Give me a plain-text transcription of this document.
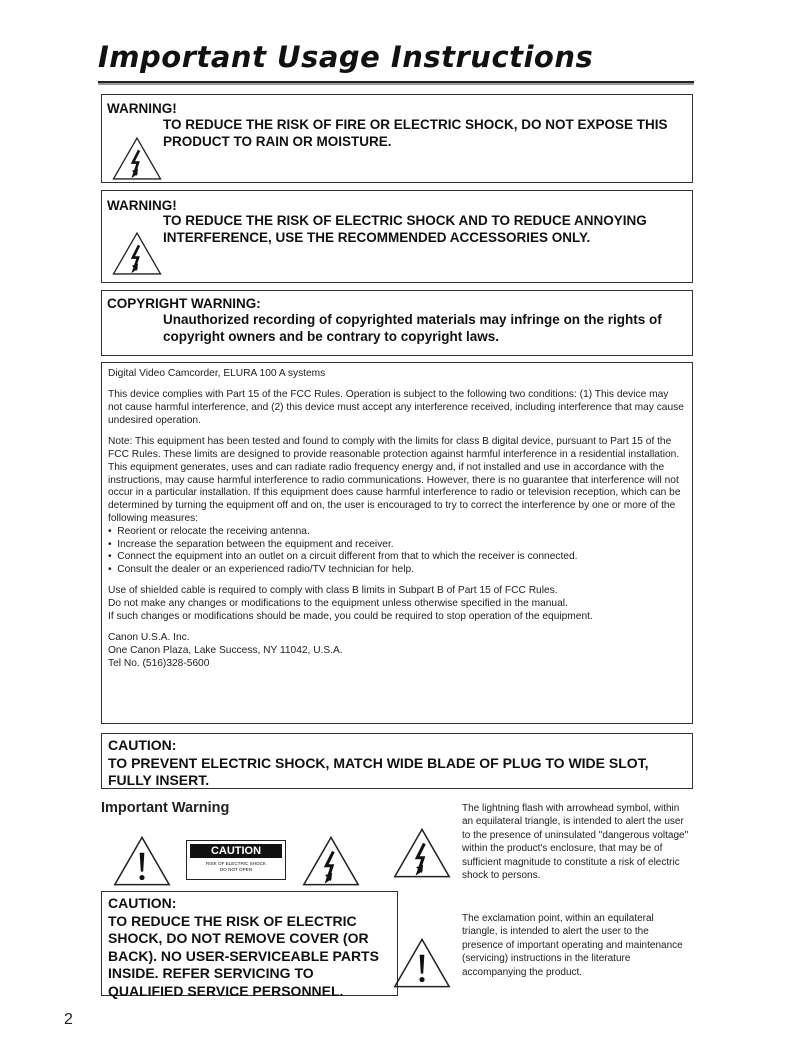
Important Usage Instructions
WARNING!
TO REDUCE THE RISK OF FIRE OR ELECTRIC SHOCK, DO NOT EXPOSE THIS PRODUCT TO RAIN OR MOISTURE.
WARNING!
TO REDUCE THE RISK OF ELECTRIC SHOCK AND TO REDUCE ANNOYING INTERFERENCE, USE THE RECOMMENDED ACCESSORIES ONLY.
COPYRIGHT WARNING:
Unauthorized recording of copyrighted materials may infringe on the rights of copyright owners and be contrary to copyright laws.

Digital Video Camcorder, ELURA 100 A systems

This device complies with Part 15 of the FCC Rules. Operation is subject to the following two conditions: (1) This device may not cause harmful interference, and (2) this device must accept any interference received, including interference that may cause undesired operation.

Note: This equipment has been tested and found to comply with the limits for class B digital device, pursuant to Part 15 of the FCC Rules. These limits are designed to provide reasonable protection against harmful interference in a residential installation. This equipment generates, uses and can radiate radio frequency energy and, if not installed and use in accordance with the instructions, may cause harmful interference to radio communications. However, there is no guarantee that interference will not occur in a particular installation. If this equipment does cause harmful interference to radio or television reception, which can be determined by turning the equipment off and on, the user is encouraged to try to correct the interference by one or more of the following measures:

•  Reorient or relocate the receiving antenna.
•  Increase the separation between the equipment and receiver.
•  Connect the equipment into an outlet on a circuit different from that to which the receiver is connected.
•  Consult the dealer or an experienced radio/TV technician for help.

Use of shielded cable is required to comply with class B limits in Subpart B of Part 15 of FCC Rules.

Do not make any changes or modifications to the equipment unless otherwise specified in the manual.

If such changes or modifications should be made, you could be required to stop operation of the equipment.

Canon U.S.A. Inc.

One Canon Plaza, Lake Success, NY 11042, U.S.A.

Tel No. (516)328-5600

CAUTION:
TO PREVENT ELECTRIC SHOCK, MATCH WIDE BLADE OF PLUG TO WIDE SLOT, FULLY INSERT.
Important Warning
CAUTION
RISK OF ELECTRIC SHOCK
DO NOT OPEN
CAUTION:
TO REDUCE THE RISK OF ELECTRIC SHOCK, DO NOT REMOVE COVER (OR BACK). NO USER-SERVICEABLE PARTS INSIDE. REFER SERVICING TO QUALIFIED SERVICE PERSONNEL.
The lightning flash with arrowhead symbol, within an equilateral triangle, is intended to alert the user to the presence of uninsulated "dangerous voltage" within the product's enclosure, that may be of sufficient magnitude to constitute a risk of electric shock to persons.
The exclamation point, within an equilateral triangle, is intended to alert the user to the presence of important operating and maintenance (servicing) instructions in the literature accompanying the product.
2
